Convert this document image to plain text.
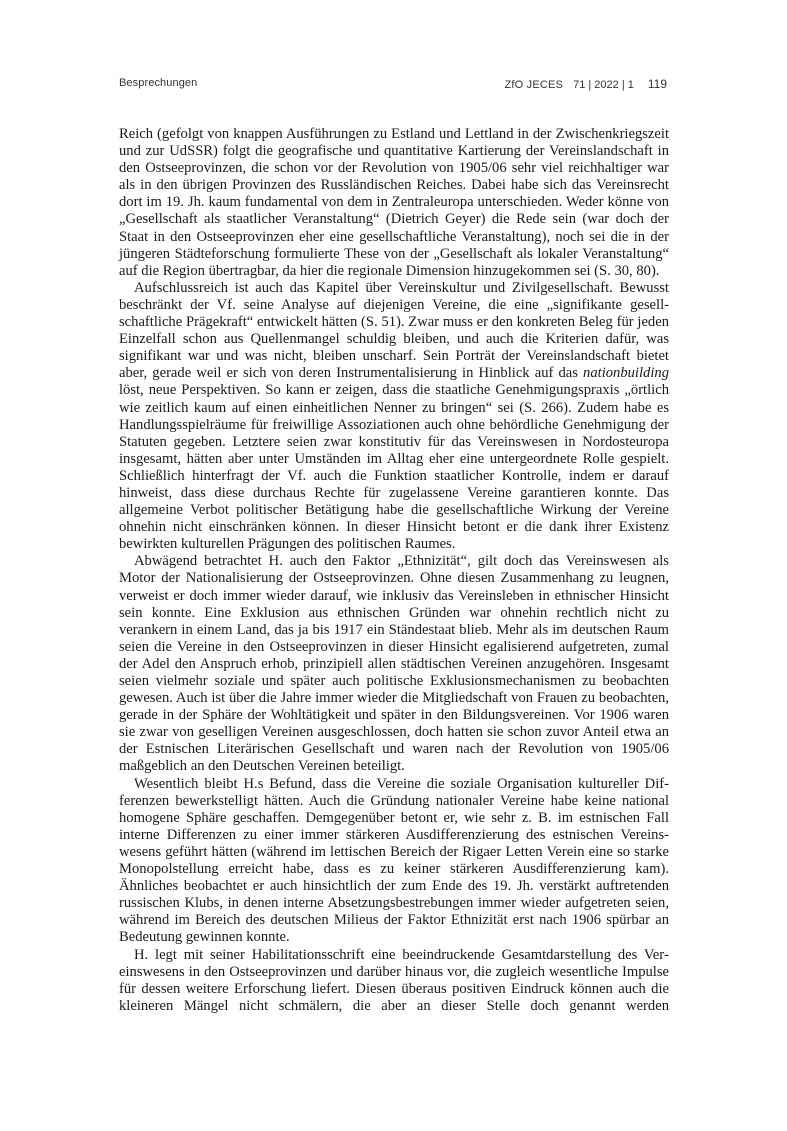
Besprechungen	ZfO JECES 71 | 2022 | 1 119

Reich (gefolgt von knappen Ausführungen zu Estland und Lettland in der Zwischenkriegszeit und zur UdSSR) folgt die geografische und quantitative Kartierung der Vereinslandschaft in den Ostseeprovinzen, die schon vor der Revolution von 1905/06 sehr viel reichhaltiger war als in den übrigen Provinzen des Russländischen Reiches. Dabei habe sich das Vereinsrecht dort im 19. Jh. kaum fundamental von dem in Zentraleuropa unterschieden. Weder könne von „Gesellschaft als staatlicher Veranstaltung“ (Dietrich Geyer) die Rede sein (war doch der Staat in den Ostseeprovinzen eher eine gesellschaftliche Veranstaltung), noch sei die in der jüngeren Städteforschung formulierte These von der „Gesellschaft als lokaler Veranstaltung“ auf die Region übertragbar, da hier die regionale Dimension hinzugekommen sei (S. 30, 80).

Aufschlussreich ist auch das Kapitel über Vereinskultur und Zivilgesellschaft. Bewusst beschränkt der Vf. seine Analyse auf diejenigen Vereine, die eine „signifikante gesellschaftliche Prägekraft“ entwickelt hätten (S. 51). Zwar muss er den konkreten Beleg für jeden Einzelfall schon aus Quellenmangel schuldig bleiben, und auch die Kriterien dafür, was signifikant war und was nicht, bleiben unscharf. Sein Porträt der Vereinslandschaft bietet aber, gerade weil er sich von deren Instrumentalisierung in Hinblick auf das nationbuilding löst, neue Perspektiven. So kann er zeigen, dass die staatliche Genehmigungspraxis „örtlich wie zeitlich kaum auf einen einheitlichen Nenner zu bringen“ sei (S. 266). Zudem habe es Handlungsspielräume für freiwillige Assoziationen auch ohne behördliche Genehmigung der Statuten gegeben. Letztere seien zwar konstitutiv für das Vereinswesen in Nordosteuropa insgesamt, hätten aber unter Umständen im Alltag eher eine untergeordnete Rolle gespielt. Schließlich hinterfragt der Vf. auch die Funktion staatlicher Kontrolle, indem er darauf hinweist, dass diese durchaus Rechte für zugelassene Vereine garantieren konnte. Das allgemeine Verbot politischer Betätigung habe die gesellschaftliche Wirkung der Vereine ohnehin nicht einschränken können. In dieser Hinsicht betont er die dank ihrer Existenz bewirkten kulturellen Prägungen des politischen Raumes.

Abwägend betrachtet H. auch den Faktor „Ethnizität“, gilt doch das Vereinswesen als Motor der Nationalisierung der Ostseeprovinzen. Ohne diesen Zusammenhang zu leugnen, verweist er doch immer wieder darauf, wie inklusiv das Vereinsleben in ethnischer Hinsicht sein konnte. Eine Exklusion aus ethnischen Gründen war ohnehin rechtlich nicht zu verankern in einem Land, das ja bis 1917 ein Ständestaat blieb. Mehr als im deutschen Raum seien die Vereine in den Ostseeprovinzen in dieser Hinsicht egalisierend aufgetreten, zumal der Adel den Anspruch erhob, prinzipiell allen städtischen Vereinen anzugehören. Insgesamt seien vielmehr soziale und später auch politische Exklusionsmechanismen zu beobachten gewesen. Auch ist über die Jahre immer wieder die Mitgliedschaft von Frauen zu beobachten, gerade in der Sphäre der Wohltätigkeit und später in den Bildungsvereinen. Vor 1906 waren sie zwar von geselligen Vereinen ausgeschlossen, doch hatten sie schon zuvor Anteil etwa an der Estnischen Literärischen Gesellschaft und waren nach der Revolution von 1905/06 maßgeblich an den Deutschen Vereinen beteiligt.

Wesentlich bleibt H.s Befund, dass die Vereine die soziale Organisation kultureller Differenzen bewerkstelligt hätten. Auch die Gründung nationaler Vereine habe keine national homogene Sphäre geschaffen. Demgegenüber betont er, wie sehr z. B. im estnischen Fall interne Differenzen zu einer immer stärkeren Ausdifferenzierung des estnischen Vereinswesens geführt hätten (während im lettischen Bereich der Rigaer Letten Verein eine so starke Monopolstellung erreicht habe, dass es zu keiner stärkeren Ausdifferenzierung kam). Ähnliches beobachtet er auch hinsichtlich der zum Ende des 19. Jh. verstärkt auftretenden russischen Klubs, in denen interne Absetzungsbestrebungen immer wieder aufgetreten seien, während im Bereich des deutschen Milieus der Faktor Ethnizität erst nach 1906 spürbar an Bedeutung gewinnen konnte.

H. legt mit seiner Habilitationsschrift eine beeindruckende Gesamtdarstellung des Vereinswesens in den Ostseeprovinzen und darüber hinaus vor, die zugleich wesentliche Impulse für dessen weitere Erforschung liefert. Diesen überaus positiven Eindruck können auch die kleineren Mängel nicht schmälern, die aber an dieser Stelle doch genannt werden
